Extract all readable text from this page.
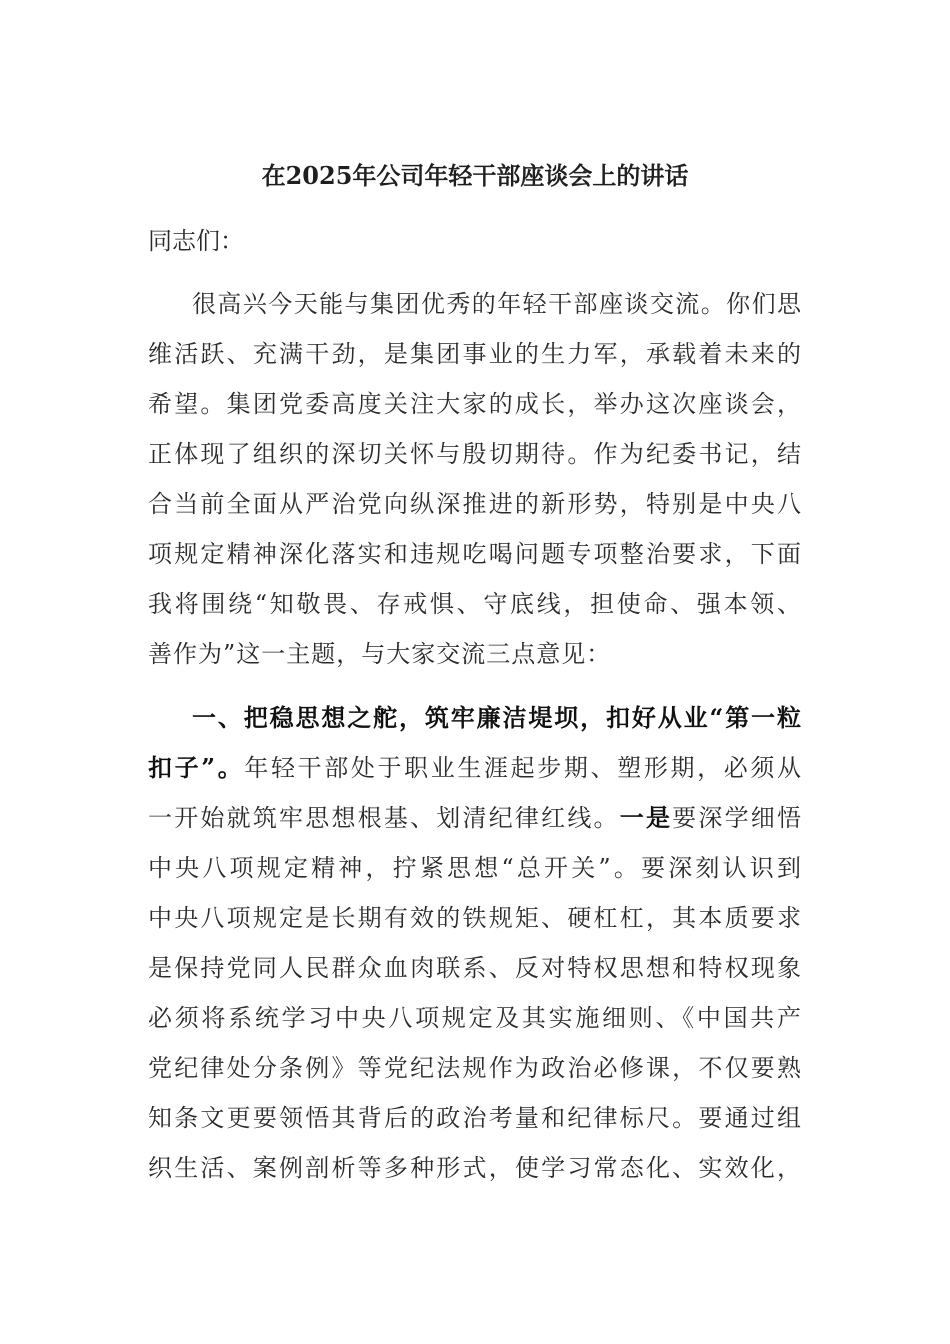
在2025年公司年轻干部座谈会上的讲话
同志们：
很高兴今天能与集团优秀的年轻干部座谈交流。你们思
维活跃、充满干劲，是集团事业的生力军，承载着未来的
希望。集团党委高度关注大家的成长，举办这次座谈会，
正体现了组织的深切关怀与殷切期待。作为纪委书记，结
合当前全面从严治党向纵深推进的新形势，特别是中央八
项规定精神深化落实和违规吃喝问题专项整治要求，下面
我将围绕“知敬畏、存戒惧、守底线，担使命、强本领、
善作为”这一主题，与大家交流三点意见：
一、把稳思想之舵，筑牢廉洁堤坝，扣好从业“第一粒
扣子”。年轻干部处于职业生涯起步期、塑形期，必须从
一开始就筑牢思想根基、划清纪律红线。一是要深学细悟
中央八项规定精神，拧紧思想“总开关”。要深刻认识到
中央八项规定是长期有效的铁规矩、硬杠杠，其本质要求
是保持党同人民群众血肉联系、反对特权思想和特权现象
必须将系统学习中央八项规定及其实施细则、《中国共产
党纪律处分条例》等党纪法规作为政治必修课，不仅要熟
知条文更要领悟其背后的政治考量和纪律标尺。要通过组
织生活、案例剖析等多种形式，使学习常态化、实效化，
